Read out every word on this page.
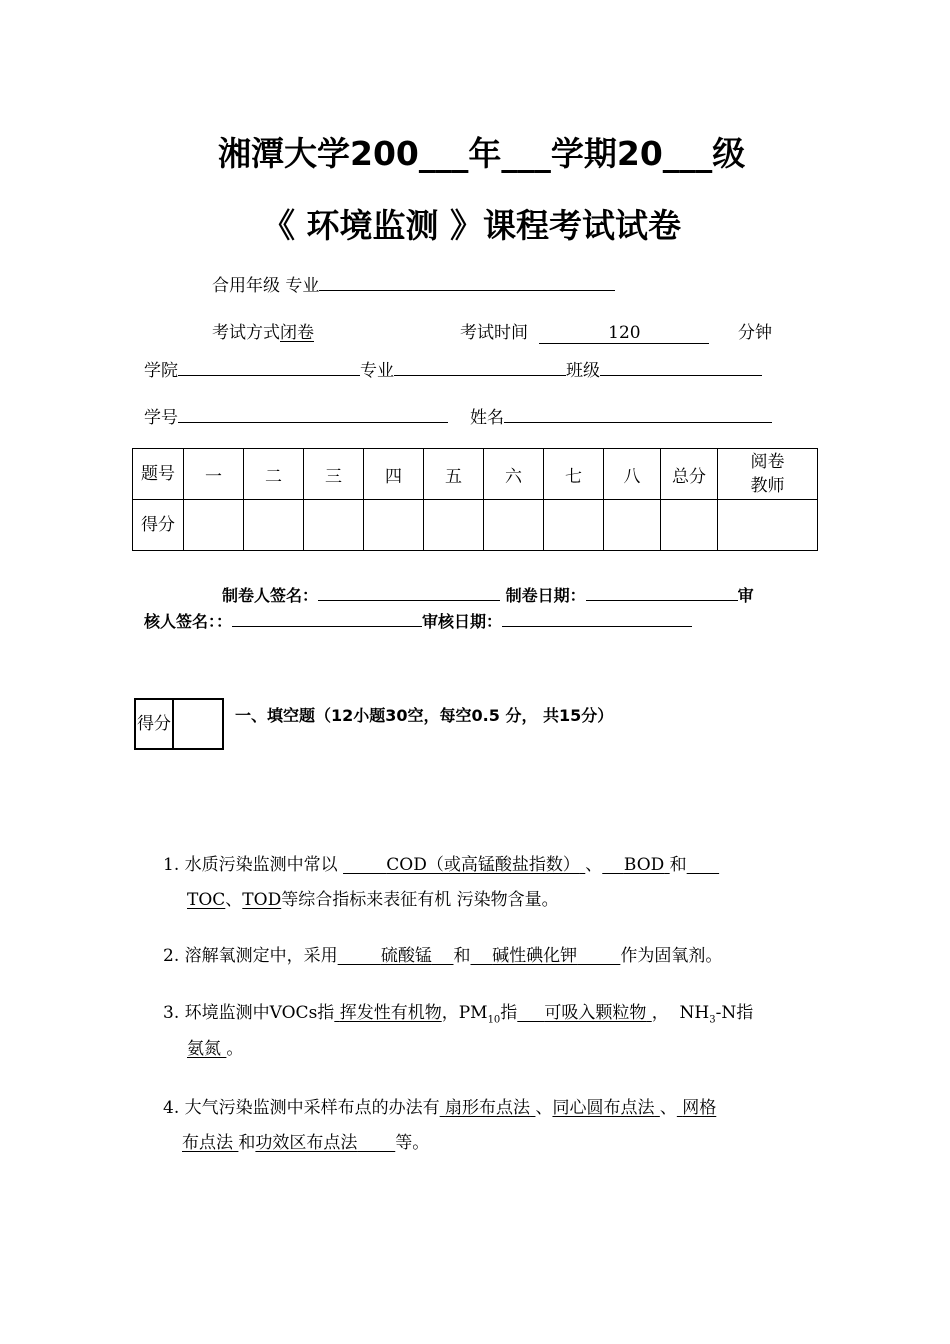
湘潭大学200___年___学期20___级
《 环境监测 》课程考试试卷
合用年级 专业
考试方式闭卷	考试时间	120	分钟
学院	专业	班级
学号	姓名
题号	一	二	三	四	五	六	七	八	总分	阅卷教师
得分										
制卷人签名：	制卷日期：	审
核人签名：：	审核日期：
得分		一、填空题（12小题30空，每空0.5 分， 共15分）
1. 水质污染监测中常以	COD（或高锰酸盐指数） 、 BOD 和
TOC、TOD等综合指标来表征有机 污染物含量。
2. 溶解氧测定中，采用	硫酸锰 和 碱性碘化钾	作为固氧剂。
3. 环境监测中VOCs指 挥发性有机物，$PM_{10}$指 可吸入颗粒物 ，  $NH_3-N$指
氨氮 。
4. 大气污染监测中采样布点的办法有 扇形布点法 、同心圆布点法 、 网格
布点法 和功效区布点法 等。
